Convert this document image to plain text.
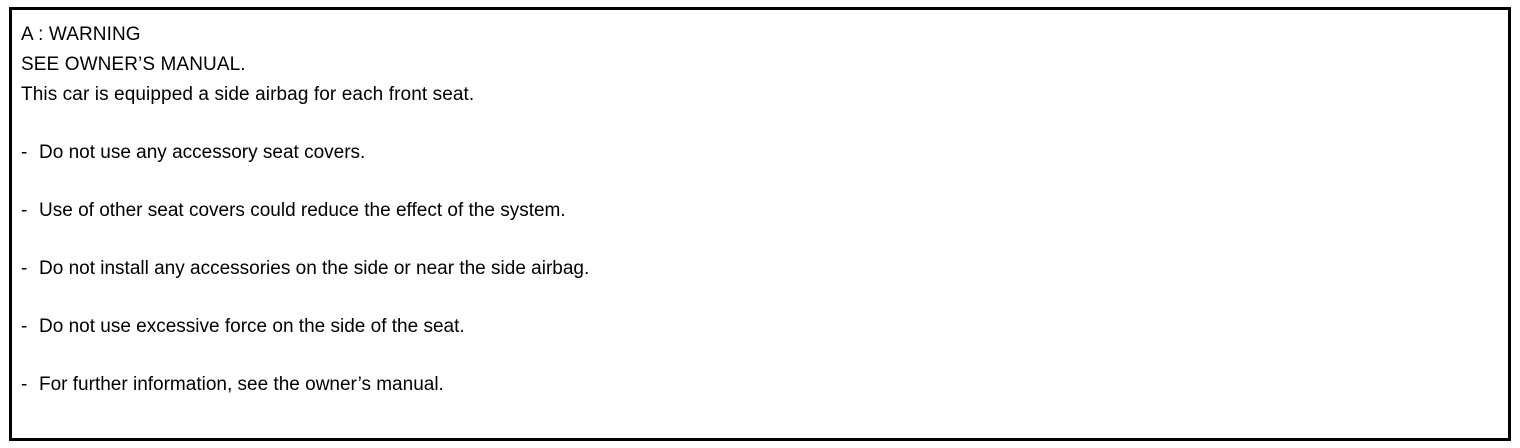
A : WARNING
SEE OWNER’S MANUAL.
This car is equipped a side airbag for each front seat.
- Do not use any accessory seat covers.
- Use of other seat covers could reduce the effect of the system.
- Do not install any accessories on the side or near the side airbag.
- Do not use excessive force on the side of the seat.
- For further information, see the owner’s manual.
